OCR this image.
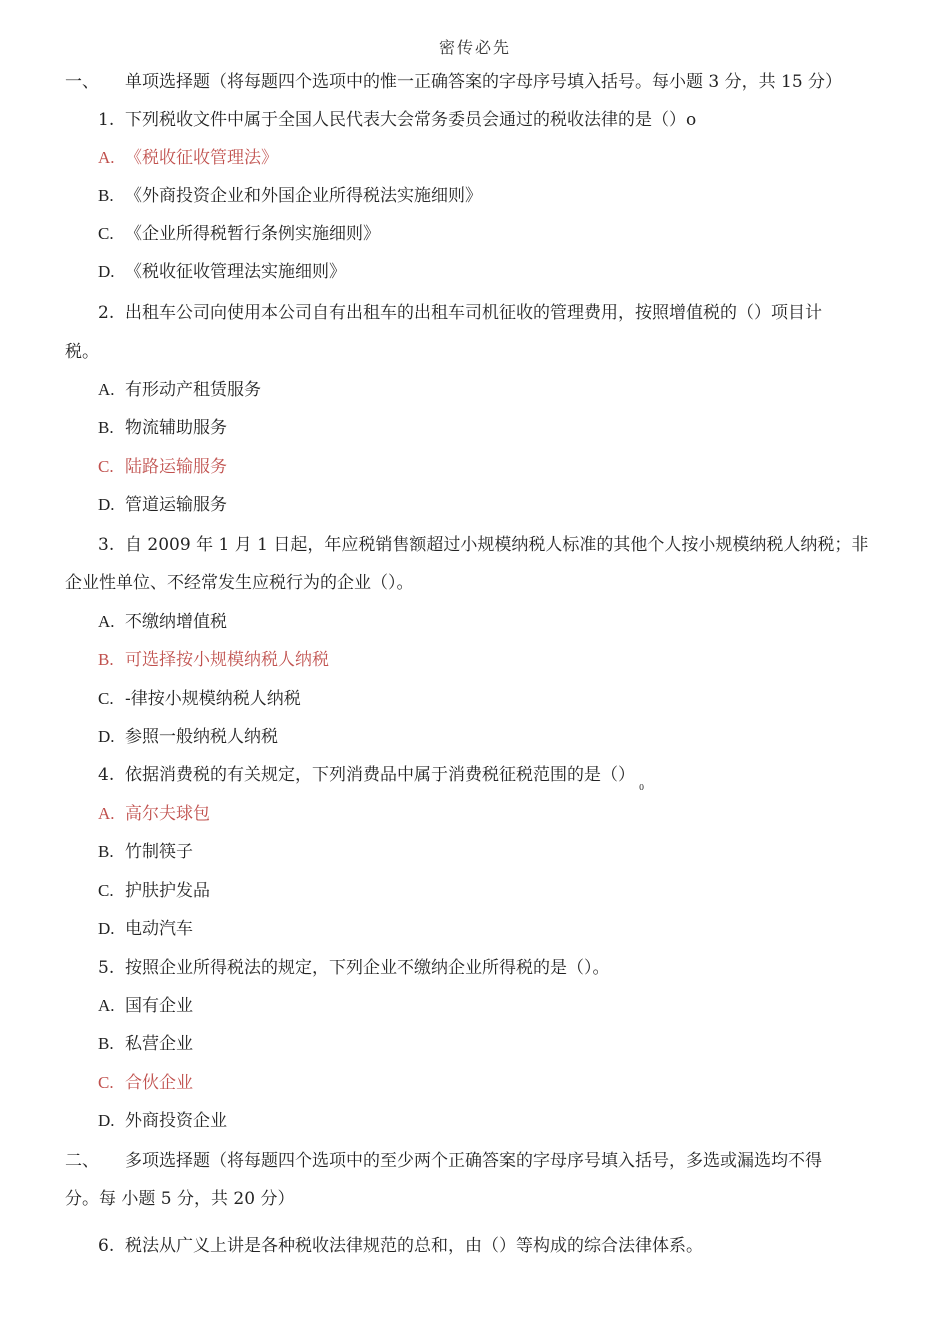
密传必先
一、 单项选择题（将每题四个选项中的惟一正确答案的字母序号填入括号。每小题 3 分，共 15 分）
1. 下列税收文件中属于全国人民代表大会常务委员会通过的税收法律的是（）o
A. 《税收征收管理法》
B. 《外商投资企业和外国企业所得税法实施细则》
C. 《企业所得税暂行条例实施细则》
D. 《税收征收管理法实施细则》
2. 出租车公司向使用本公司自有出租车的出租车司机征收的管理费用，按照增值税的（）项目计
税。
A. 有形动产租赁服务
B. 物流辅助服务
C. 陆路运输服务
D. 管道运输服务
3. 自 2009 年 1 月 1 日起，年应税销售额超过小规模纳税人标准的其他个人按小规模纳税人纳税；非
企业性单位、不经常发生应税行为的企业（）。
A. 不缴纳增值税
B. 可选择按小规模纳税人纳税
C. -律按小规模纳税人纳税
D. 参照一般纳税人纳税
4. 依据消费税的有关规定，下列消费品中属于消费税征税范围的是$()_0$
A. 高尔夫球包
B. 竹制筷子
C. 护肤护发品
D. 电动汽车
5. 按照企业所得税法的规定，下列企业不缴纳企业所得税的是（）。
A. 国有企业
B. 私营企业
C. 合伙企业
D. 外商投资企业
二、 多项选择题（将每题四个选项中的至少两个正确答案的字母序号填入括号，多选或漏选均不得
分。每 小题 5 分，共 20 分）
6. 税法从广义上讲是各种税收法律规范的总和，由（）等构成的综合法律体系。
